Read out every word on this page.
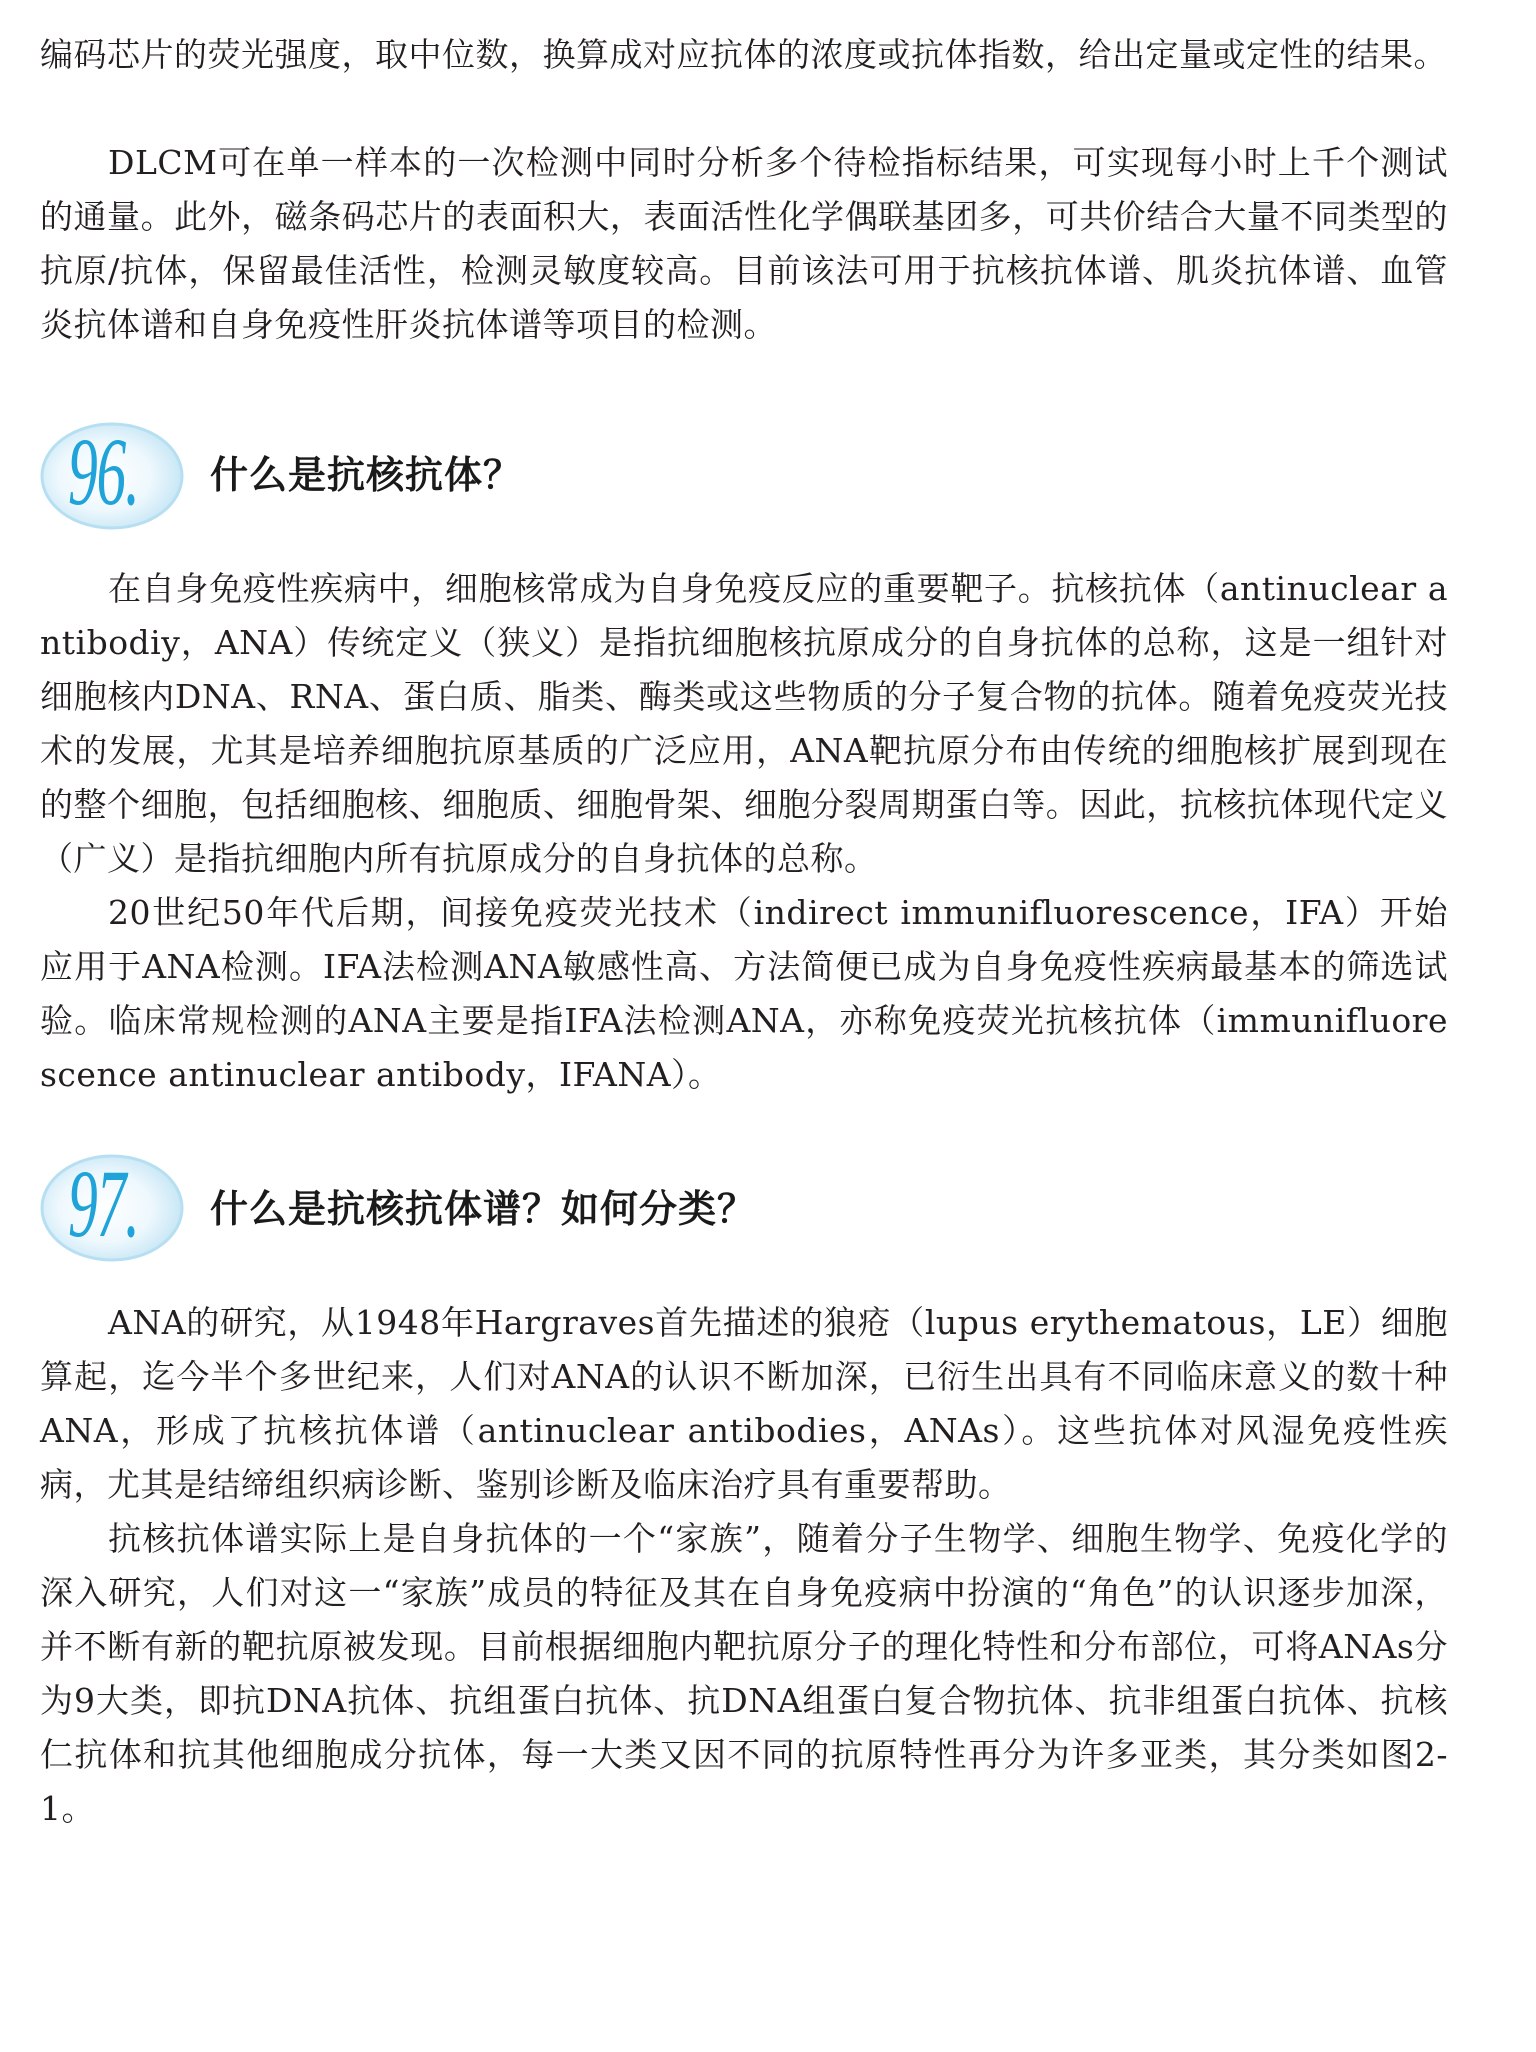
编码芯片的荧光强度，取中位数，换算成对应抗体的浓度或抗体指数，给出定量或定性的结果。

DLCM可在单一样本的一次检测中同时分析多个待检指标结果，可实现每小时上千个测试的通量。此外，磁条码芯片的表面积大，表面活性化学偶联基团多，可共价结合大量不同类型的抗原/抗体，保留最佳活性，检测灵敏度较高。目前该法可用于抗核抗体谱、肌炎抗体谱、血管炎抗体谱和自身免疫性肝炎抗体谱等项目的检测。

96. 什么是抗核抗体？

在自身免疫性疾病中，细胞核常成为自身免疫反应的重要靶子。抗核抗体（antinuclear antibodiy，ANA）传统定义（狭义）是指抗细胞核抗原成分的自身抗体的总称，这是一组针对细胞核内DNA、RNA、蛋白质、脂类、酶类或这些物质的分子复合物的抗体。随着免疫荧光技术的发展，尤其是培养细胞抗原基质的广泛应用，ANA靶抗原分布由传统的细胞核扩展到现在的整个细胞，包括细胞核、细胞质、细胞骨架、细胞分裂周期蛋白等。因此，抗核抗体现代定义（广义）是指抗细胞内所有抗原成分的自身抗体的总称。

20世纪50年代后期，间接免疫荧光技术（indirect immunifluorescence，IFA）开始应用于ANA检测。IFA法检测ANA敏感性高、方法简便已成为自身免疫性疾病最基本的筛选试验。临床常规检测的ANA主要是指IFA法检测ANA，亦称免疫荧光抗核抗体（immunifluorescence antinuclear antibody，IFANA）。

97. 什么是抗核抗体谱？如何分类？

ANA的研究，从1948年Hargraves首先描述的狼疮（lupus erythematous，LE）细胞算起，迄今半个多世纪来，人们对ANA的认识不断加深，已衍生出具有不同临床意义的数十种ANA，形成了抗核抗体谱（antinuclear antibodies，ANAs）。这些抗体对风湿免疫性疾病，尤其是结缔组织病诊断、鉴别诊断及临床治疗具有重要帮助。

抗核抗体谱实际上是自身抗体的一个“家族”，随着分子生物学、细胞生物学、免疫化学的深入研究，人们对这一“家族”成员的特征及其在自身免疫病中扮演的“角色”的认识逐步加深，并不断有新的靶抗原被发现。目前根据细胞内靶抗原分子的理化特性和分布部位，可将ANAs分为9大类，即抗DNA抗体、抗组蛋白抗体、抗DNA组蛋白复合物抗体、抗非组蛋白抗体、抗核仁抗体和抗其他细胞成分抗体，每一大类又因不同的抗原特性再分为许多亚类，其分类如图2-1。
